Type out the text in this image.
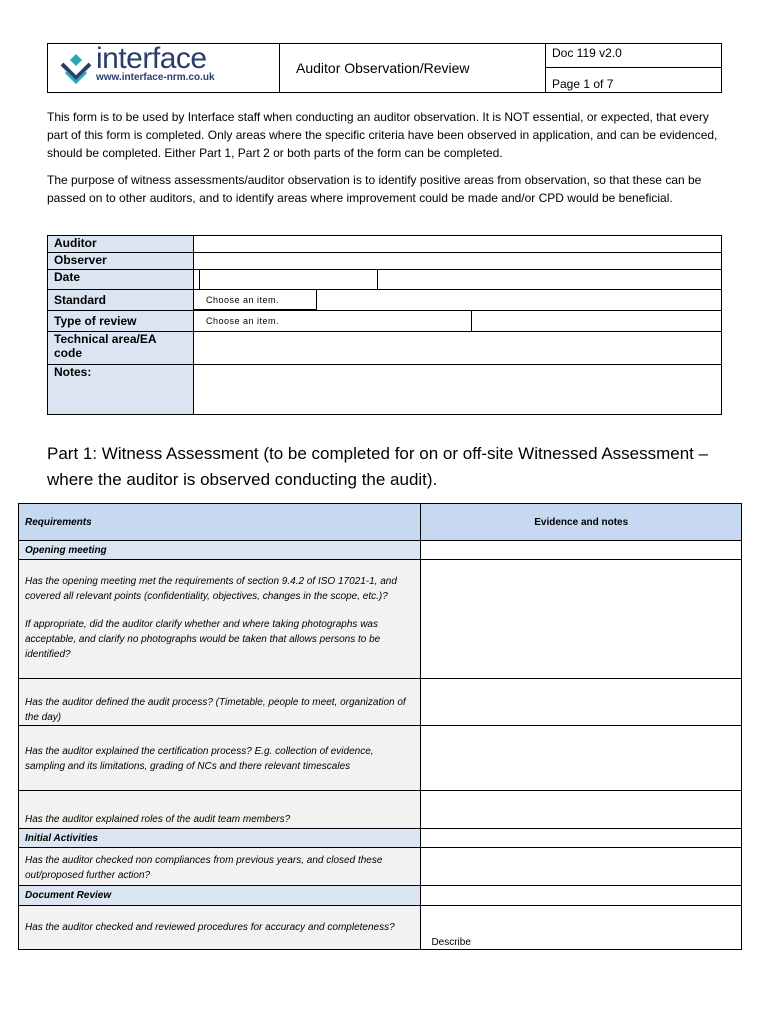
interface
www.interface-nrm.co.uk
Auditor Observation/Review
Doc 119 v2.0
Page 1 of 7
This form is to be used by Interface staff when conducting an auditor observation. It is NOT essential, or expected, that every part of this form is completed. Only areas where the specific criteria have been observed in application, and can be evidenced, should be completed. Either Part 1, Part 2 or both parts of the form can be completed.
The purpose of witness assessments/auditor observation is to identify positive areas from observation, so that these can be passed on to other auditors, and to identify areas where improvement could be made and/or CPD would be beneficial.
Auditor			
Observer			
Date			
Standard	Choose an item.		

Type of review	Choose an item.		

Technical area/EA code			
Notes:			
Part 1: Witness Assessment (to be completed for on or off-site Witnessed Assessment – where the auditor is observed conducting the audit).
Requirements	Evidence and notes
Opening meeting	

Has the opening meeting met the requirements of section 9.4.2 of ISO 17021-1, and covered all relevant points (confidentiality, objectives, changes in the scope, etc.)?
If appropriate, did the auditor clarify whether and where taking photographs was acceptable, and clarify no photographs would be taken that allows persons to be identified?	

Has the auditor defined the audit process? (Timetable, people to meet, organization of the day)	

Has the auditor explained the certification process? E.g. collection of evidence, sampling and its limitations, grading of NCs and there relevant timescales	

Has the auditor explained roles of the audit team members?	

Initial Activities	

Has the auditor checked non compliances from previous years, and closed these out/proposed further action?	

Document Review	

Has the auditor checked and reviewed procedures for accuracy and completeness?	Describe
